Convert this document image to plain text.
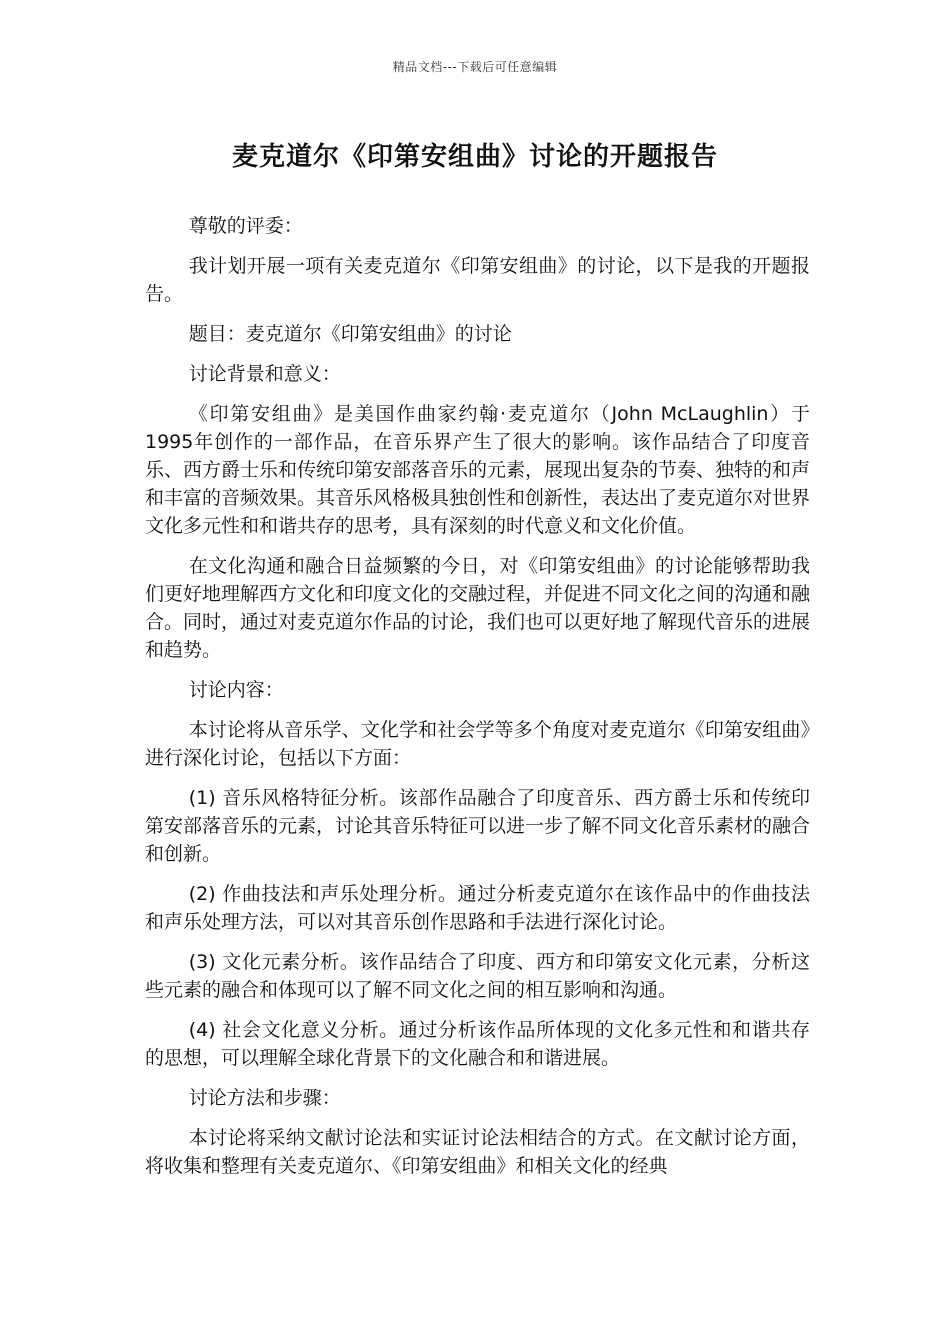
精品文档---下载后可任意编辑
麦克道尔《印第安组曲》讨论的开题报告

尊敬的评委：

我计划开展一项有关麦克道尔《印第安组曲》的讨论，以下是我的开题报告。

题目：麦克道尔《印第安组曲》的讨论

讨论背景和意义：

《印第安组曲》是美国作曲家约翰·麦克道尔（John McLaughlin）于1995年创作的一部作品，在音乐界产生了很大的影响。该作品结合了印度音乐、西方爵士乐和传统印第安部落音乐的元素，展现出复杂的节奏、独特的和声和丰富的音频效果。其音乐风格极具独创性和创新性，表达出了麦克道尔对世界文化多元性和和谐共存的思考，具有深刻的时代意义和文化价值。

在文化沟通和融合日益频繁的今日，对《印第安组曲》的讨论能够帮助我们更好地理解西方文化和印度文化的交融过程，并促进不同文化之间的沟通和融合。同时，通过对麦克道尔作品的讨论，我们也可以更好地了解现代音乐的进展和趋势。

讨论内容：

本讨论将从音乐学、文化学和社会学等多个角度对麦克道尔《印第安组曲》进行深化讨论，包括以下方面：

(1) 音乐风格特征分析。该部作品融合了印度音乐、西方爵士乐和传统印第安部落音乐的元素，讨论其音乐特征可以进一步了解不同文化音乐素材的融合和创新。

(2) 作曲技法和声乐处理分析。通过分析麦克道尔在该作品中的作曲技法和声乐处理方法，可以对其音乐创作思路和手法进行深化讨论。

(3) 文化元素分析。该作品结合了印度、西方和印第安文化元素，分析这些元素的融合和体现可以了解不同文化之间的相互影响和沟通。

(4) 社会文化意义分析。通过分析该作品所体现的文化多元性和和谐共存的思想，可以理解全球化背景下的文化融合和和谐进展。

讨论方法和步骤：

本讨论将采纳文献讨论法和实证讨论法相结合的方式。在文献讨论方面，将收集和整理有关麦克道尔、《印第安组曲》和相关文化的经典
